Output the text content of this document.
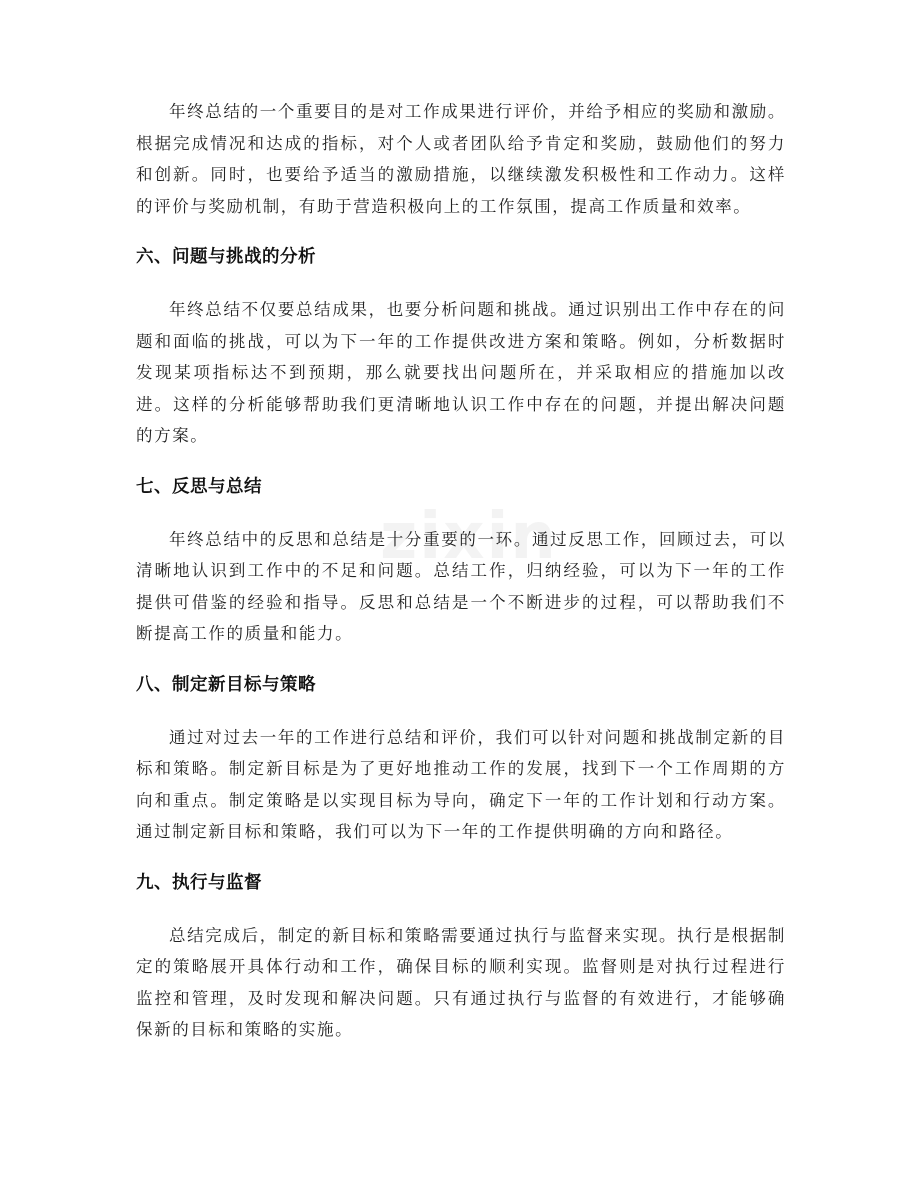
zixin

年终总结的一个重要目的是对工作成果进行评价，并给予相应的奖励和激励。根据完成情况和达成的指标，对个人或者团队给予肯定和奖励，鼓励他们的努力和创新。同时，也要给予适当的激励措施，以继续激发积极性和工作动力。这样的评价与奖励机制，有助于营造积极向上的工作氛围，提高工作质量和效率。

六、问题与挑战的分析

年终总结不仅要总结成果，也要分析问题和挑战。通过识别出工作中存在的问题和面临的挑战，可以为下一年的工作提供改进方案和策略。例如，分析数据时发现某项指标达不到预期，那么就要找出问题所在，并采取相应的措施加以改进。这样的分析能够帮助我们更清晰地认识工作中存在的问题，并提出解决问题的方案。

七、反思与总结

年终总结中的反思和总结是十分重要的一环。通过反思工作，回顾过去，可以清晰地认识到工作中的不足和问题。总结工作，归纳经验，可以为下一年的工作提供可借鉴的经验和指导。反思和总结是一个不断进步的过程，可以帮助我们不断提高工作的质量和能力。

八、制定新目标与策略

通过对过去一年的工作进行总结和评价，我们可以针对问题和挑战制定新的目标和策略。制定新目标是为了更好地推动工作的发展，找到下一个工作周期的方向和重点。制定策略是以实现目标为导向，确定下一年的工作计划和行动方案。通过制定新目标和策略，我们可以为下一年的工作提供明确的方向和路径。

九、执行与监督

总结完成后，制定的新目标和策略需要通过执行与监督来实现。执行是根据制定的策略展开具体行动和工作，确保目标的顺利实现。监督则是对执行过程进行监控和管理，及时发现和解决问题。只有通过执行与监督的有效进行，才能够确保新的目标和策略的实施。
